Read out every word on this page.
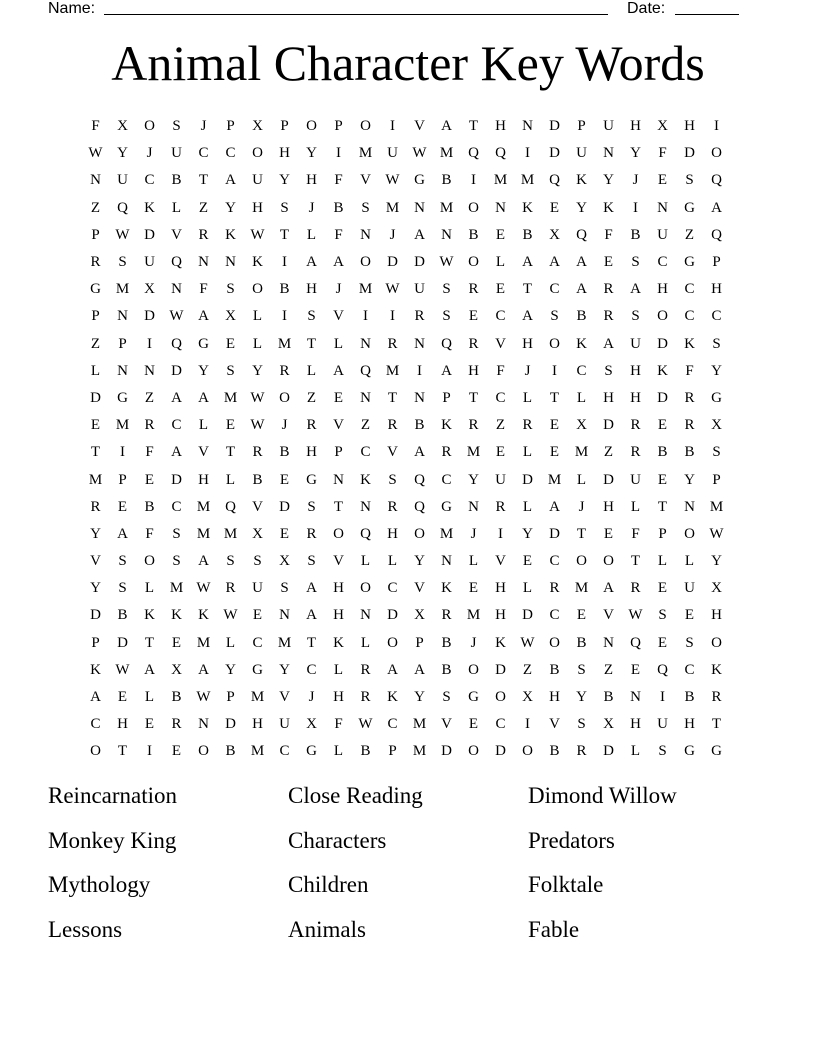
Name:	Date:
Animal Character Key Words
F	X	O	S	J	P	X	P	O	P	O	I	V	A	T	H	N	D	P	U	H	X	H	I
W Y	J	U	C	C	O	H	Y	I	M U W M Q	Q	I	D	U	N	Y	F	D	O
N	U	C	B	T	A	U	Y	H	F	V W G	B	I	M M Q	K	Y	J	E	S	Q
Z	Q	K	L	Z	Y	H	S	J	B	S	M N M O	N	K	E	Y	K	I	N	G	A
P	W D	V	R	K W	T	L	F	N	J	A	N	B	E	B	X	Q	F	B	U	Z	Q
R	S	U	Q	N	N	K	I	A	A	O	D	D W O	L	A	A	A	E	S	C	G	P
G M X	N	F	S	O	B	H	J	M W U	S	R	E	T	C	A	R	A	H	C	H
P	N	D W A	X	L	I	S	V	I	I	R	S	E	C	A	S	B	R	S	O	C	C
Z	P	I	Q	G	E	L	M	T	L	N	R	N	Q	R	V	H	O	K	A	U	D	K	S
L	N	N	D	Y	S	Y	R	L	A	Q M	I	A	H	F	J	I	C	S	H	K	F	Y
D	G	Z	A	A M W O	Z	E	N	T	N	P	T	C	L	T	L	H	H	D	R	G
E	M	R	C	L	E	W	J	R	V	Z	R	B	K	R	Z	R	E	X	D	R	E	R	X
T	I	F	A	V	T	R	B	H	P	C	V	A	R	M	E	L	E	M	Z	R	B	B	S
M	P	E	D	H	L	B	E	G	N	K	S	Q	C	Y	U	D M	L	D	U	E	Y	P
R	E	B	C	M Q	V	D	S	T	N	R	Q	G	N	R	L	A	J	H	L	T	N M
Y	A	F	S	M M X	E	R	O	Q	H	O M	J	I	Y	D	T	E	F	P	O W
V	S	O	S	A	S	S	X	S	V	L	L	Y	N	L	V	E	C	O	O	T	L	L	Y
Y	S	L	M W R	U	S	A	H	O	C	V	K	E	H	L	R	M A	R	E	U	X
D	B	K	K	K W	E	N	A	H	N	D	X	R	M H	D	C	E	V W	S	E	H
P	D	T	E	M	L	C	M	T	K	L	O	P	B	J	K W O	B	N	Q	E	S	O
K W A	X	A	Y	G	Y	C	L	R	A	A	B	O	D	Z	B	S	Z	E	Q	C	K
A	E	L	B W	P	M V	J	H	R	K	Y	S	G	O	X	H	Y	B	N	I	B	R
C	H	E	R	N	D	H	U	X	F	W C	M V	E	C	I	V	S	X	H	U	H	T
O	T	I	E	O	B	M	C	G	L	B	P	M D	O	D	O	B	R	D	L	S	G	G
Reincarnation	Close Reading	Dimond Willow
Monkey King	Characters	Predators
Mythology	Children	Folktale
Lessons	Animals	Fable
